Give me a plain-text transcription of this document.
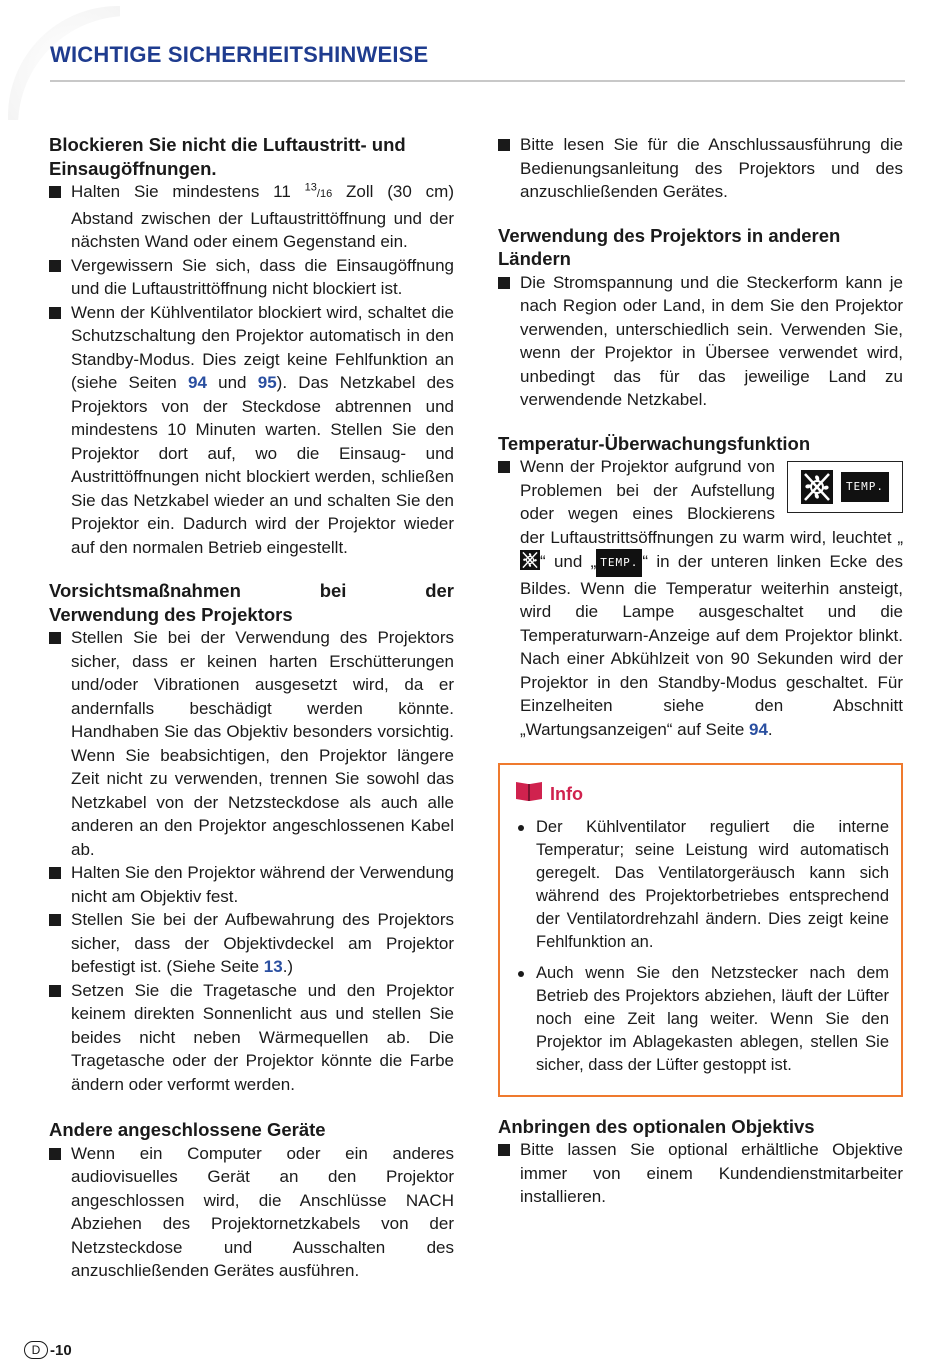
WICHTIGE SICHERHEITSHINWEISE

Blockieren Sie nicht die Luftaustritt- und Einsaugöffnungen.

Halten Sie mindestens 11 $^{13}$/16 Zoll (30 cm) Abstand zwischen der Luftaustrittöffnung und der nächsten Wand oder einem Gegenstand ein.

Vergewissern Sie sich, dass die Einsaugöffnung und die Luftaustrittöffnung nicht blockiert ist.

Wenn der Kühlventilator blockiert wird, schaltet die Schutzschaltung den Projektor automatisch in den Standby-Modus. Dies zeigt keine Fehlfunktion an (siehe Seiten 94 und 95). Das Netzkabel des Projektors von der Steckdose abtrennen und mindestens 10 Minuten warten. Stellen Sie den Projektor dort auf, wo die Einsaug- und Austrittöffnungen nicht blockiert werden, schließen Sie das Netzkabel wieder an und schalten Sie den Projektor ein. Dadurch wird der Projektor wieder auf den normalen Betrieb eingestellt.

Vorsichtsmaßnahmen bei der

Verwendung des Projektors

Stellen Sie bei der Verwendung des Projektors sicher, dass er keinen harten Erschütterungen und/oder Vibrationen ausgesetzt wird, da er andernfalls beschädigt werden könnte. Handhaben Sie das Objektiv besonders vorsichtig. Wenn Sie beabsichtigen, den Projektor längere Zeit nicht zu verwenden, trennen Sie sowohl das Netzkabel von der Netzsteckdose als auch alle anderen an den Projektor angeschlossenen Kabel ab.

Halten Sie den Projektor während der Verwendung nicht am Objektiv fest.

Stellen Sie bei der Aufbewahrung des Projektors sicher, dass der Objektivdeckel am Projektor befestigt ist. (Siehe Seite 13.)

Setzen Sie die Tragetasche und den Projektor keinem direkten Sonnenlicht aus und stellen Sie beides nicht neben Wärmequellen ab. Die Tragetasche oder der Projektor könnte die Farbe ändern oder verformt werden.

Andere angeschlossene Geräte

Wenn ein Computer oder ein anderes audiovisuelles Gerät an den Projektor angeschlossen wird, die Anschlüsse NACH Abziehen des Projektornetzkabels von der Netzsteckdose und Ausschalten des anzuschließenden Gerätes ausführen.

Bitte lesen Sie für die Anschlussausführung die Bedienungsanleitung des Projektors und des anzuschließenden Gerätes.

Verwendung des Projektors in anderen Ländern

Die Stromspannung und die Steckerform kann je nach Region oder Land, in dem Sie den Projektor verwenden, unterschiedlich sein. Verwenden Sie, wenn der Projektor in Übersee verwendet wird, unbedingt das für das jeweilige Land zu verwendende Netzkabel.

Temperatur-Überwachungsfunktion

TEMP.
Wenn der Projektor aufgrund von Problemen bei der Aufstellung oder wegen eines Blockierens der Luftaustrittsöffnungen zu warm wird, leuchtet „“ und „ TEMP. “ in der unteren linken Ecke des Bildes. Wenn die Temperatur weiterhin ansteigt, wird die Lampe ausgeschaltet und die Temperaturwarn-Anzeige auf dem Projektor blinkt. Nach einer Abkühlzeit von 90 Sekunden wird der Projektor in den Standby-Modus geschaltet. Für Einzelheiten siehe den Abschnitt „Wartungsanzeigen“ auf Seite 94.
Info

Der Kühlventilator reguliert die interne Temperatur; seine Leistung wird automatisch geregelt. Das Ventilatorgeräusch kann sich während des Projektorbetriebes entsprechend der Ventilatordrehzahl ändern. Dies zeigt keine Fehlfunktion an.

Auch wenn Sie den Netzstecker nach dem Betrieb des Projektors abziehen, läuft der Lüfter noch eine Zeit lang weiter. Wenn Sie den Projektor im Ablagekasten ablegen, stellen Sie sicher, dass der Lüfter gestoppt ist.

Anbringen des optionalen Objektivs

Bitte lassen Sie optional erhältliche Objektive immer von einem Kundendienstmitarbeiter installieren.

D -10
